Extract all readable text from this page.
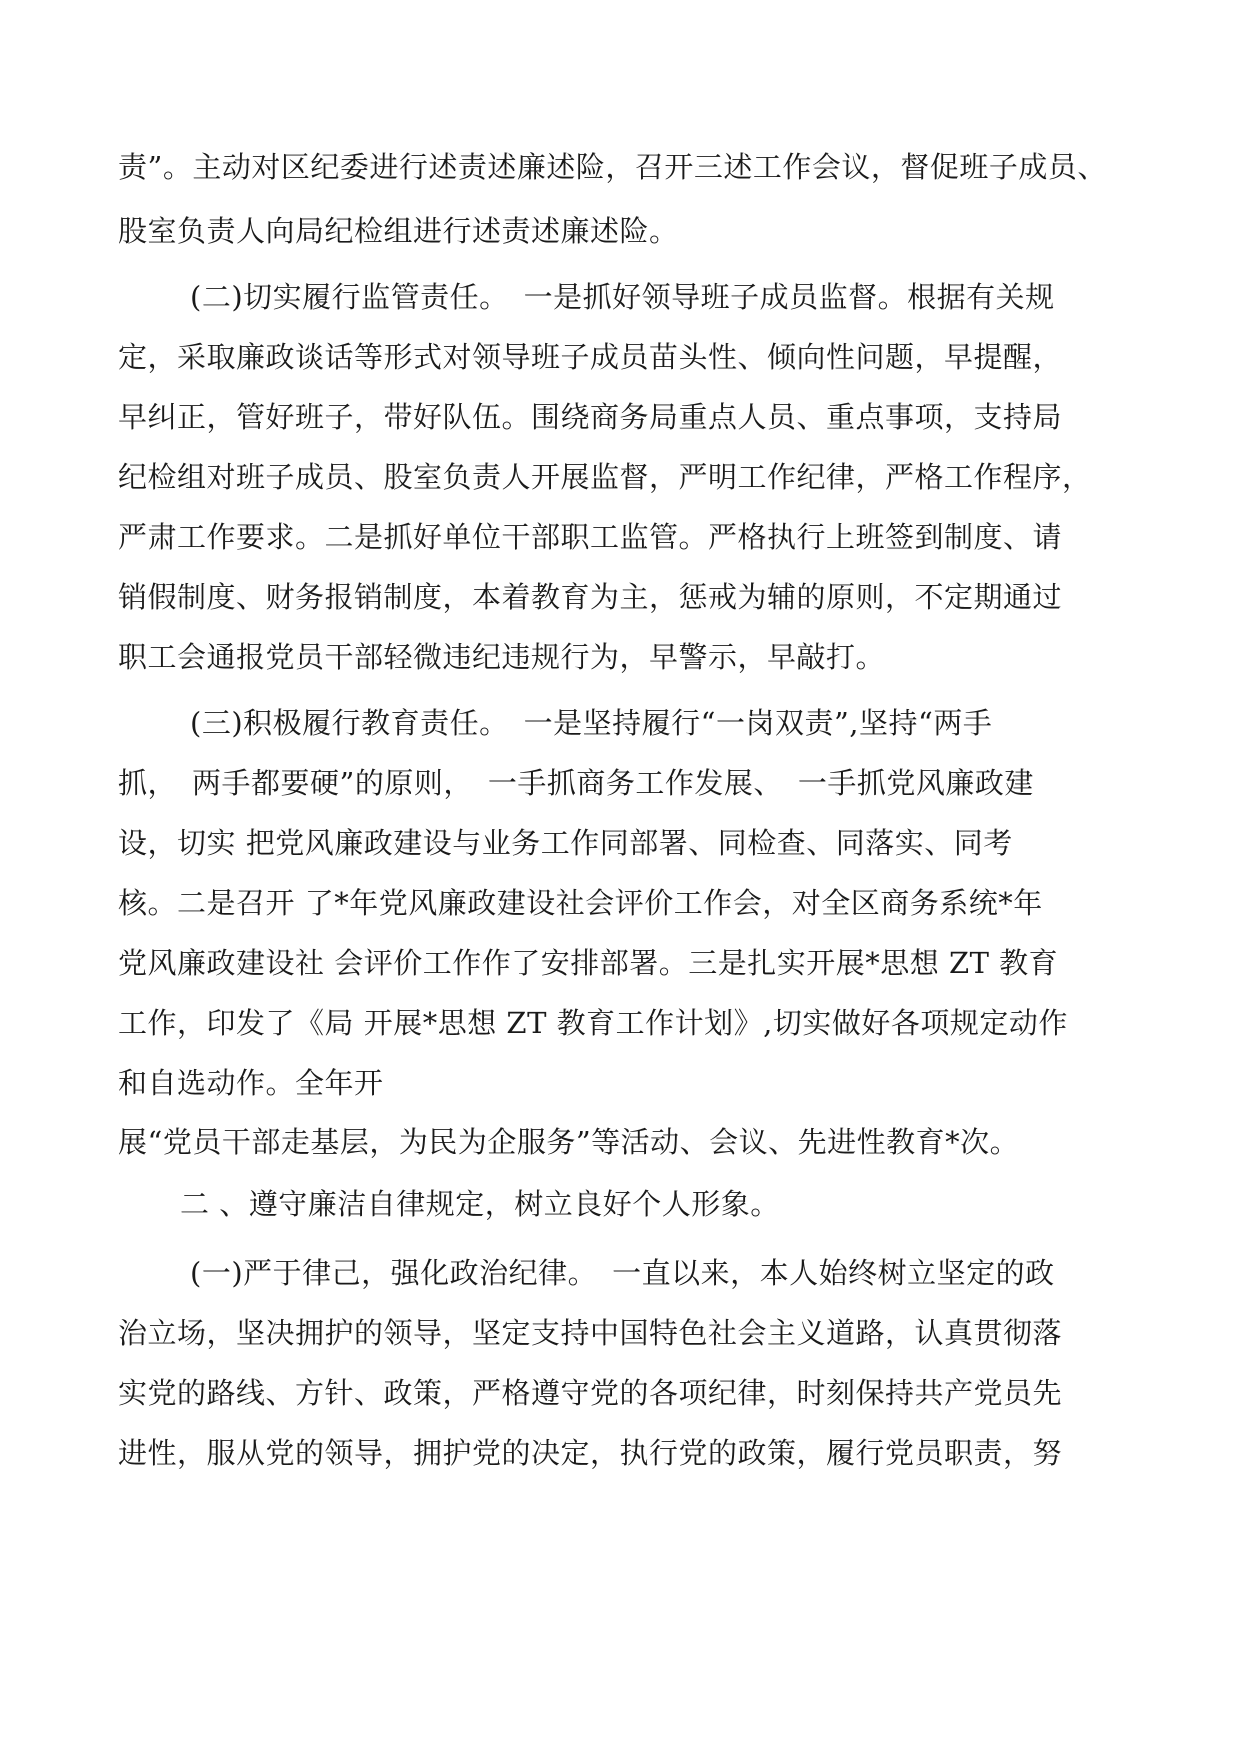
责”。主动对区纪委进行述责述廉述险，召开三述工作会议，督促班子成员、
股室负责人向局纪检组进行述责述廉述险。
(二)切实履行监管责任。　一是抓好领导班子成员监督。根据有关规
定，采取廉政谈话等形式对领导班子成员苗头性、倾向性问题，早提醒，
早纠正，管好班子，带好队伍。围绕商务局重点人员、重点事项，支持局
纪检组对班子成员、股室负责人开展监督，严明工作纪律，严格工作程序，
严肃工作要求。二是抓好单位干部职工监管。严格执行上班签到制度、请
销假制度、财务报销制度，本着教育为主，惩戒为辅的原则，不定期通过
职工会通报党员干部轻微违纪违规行为，早警示，早敲打。
(三)积极履行教育责任。　一是坚持履行“一岗双责”,坚持“两手
抓，　两手都要硬”的原则，　一手抓商务工作发展、　一手抓党风廉政建
设，切实 把党风廉政建设与业务工作同部署、同检查、同落实、同考
核。二是召开 了*年党风廉政建设社会评价工作会，对全区商务系统*年
党风廉政建设社 会评价工作作了安排部署。三是扎实开展*思想 ZT 教育
工作，印发了《局 开展*思想 ZT 教育工作计划》,切实做好各项规定动作
和自选动作。全年开
展“党员干部走基层，为民为企服务”等活动、会议、先进性教育*次。
二 、遵守廉洁自律规定，树立良好个人形象。
(一)严于律己，强化政治纪律。　一直以来，本人始终树立坚定的政
治立场，坚决拥护的领导，坚定支持中国特色社会主义道路，认真贯彻落
实党的路线、方针、政策，严格遵守党的各项纪律，时刻保持共产党员先
进性，服从党的领导，拥护党的决定，执行党的政策，履行党员职责，努
